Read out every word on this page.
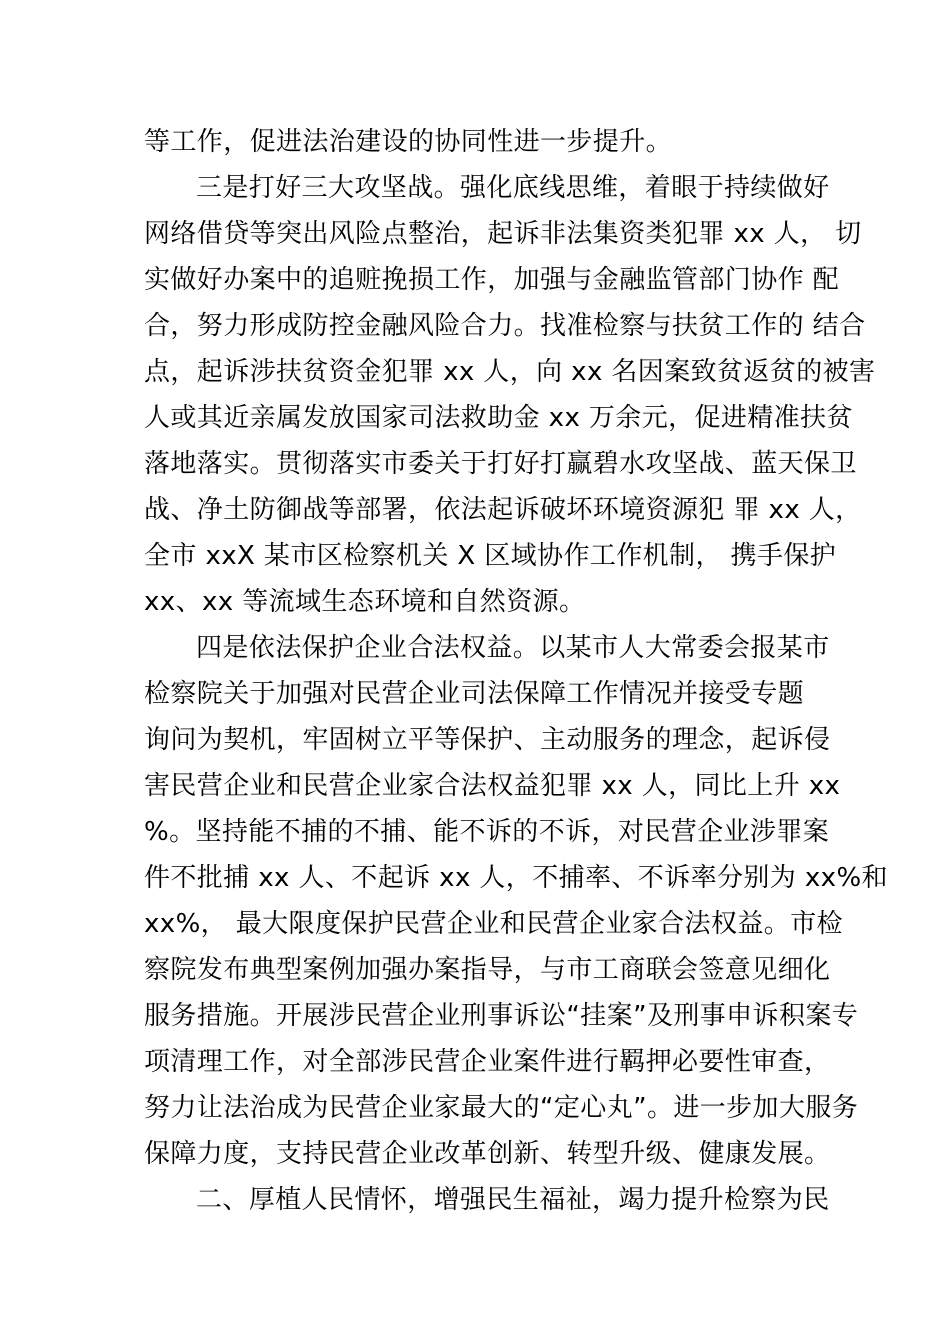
等工作，促进法治建设的协同性进一步提升。

三是打好三大攻坚战。强化底线思维，着眼于持续做好

网络借贷等突出风险点整治，起诉非法集资类犯罪 xx 人， 切

实做好办案中的追赃挽损工作，加强与金融监管部门协作 配

合，努力形成防控金融风险合力。找准检察与扶贫工作的 结合

点，起诉涉扶贫资金犯罪 xx 人，向 xx 名因案致贫返贫的被害

人或其近亲属发放国家司法救助金 xx 万余元，促进精准扶贫

落地落实。贯彻落实市委关于打好打赢碧水攻坚战、蓝天保卫

战、净土防御战等部署，依法起诉破坏环境资源犯 罪 xx 人，

全市 xxX 某市区检察机关 X 区域协作工作机制， 携手保护

xx、xx 等流域生态环境和自然资源。

四是依法保护企业合法权益。以某市人大常委会报某市

检察院关于加强对民营企业司法保障工作情况并接受专题

询问为契机，牢固树立平等保护、主动服务的理念，起诉侵

害民营企业和民营企业家合法权益犯罪 xx 人，同比上升 xx

%。坚持能不捕的不捕、能不诉的不诉，对民营企业涉罪案

件不批捕 xx 人、不起诉 xx 人，不捕率、不诉率分别为 xx%和

xx%， 最大限度保护民营企业和民营企业家合法权益。市检

察院发布典型案例加强办案指导，与市工商联会签意见细化

服务措施。开展涉民营企业刑事诉讼“挂案”及刑事申诉积案专

项清理工作，对全部涉民营企业案件进行羁押必要性审查，

努力让法治成为民营企业家最大的“定心丸”。进一步加大服务

保障力度，支持民营企业改革创新、转型升级、健康发展。

二、厚植人民情怀，增强民生福祉，竭力提升检察为民
